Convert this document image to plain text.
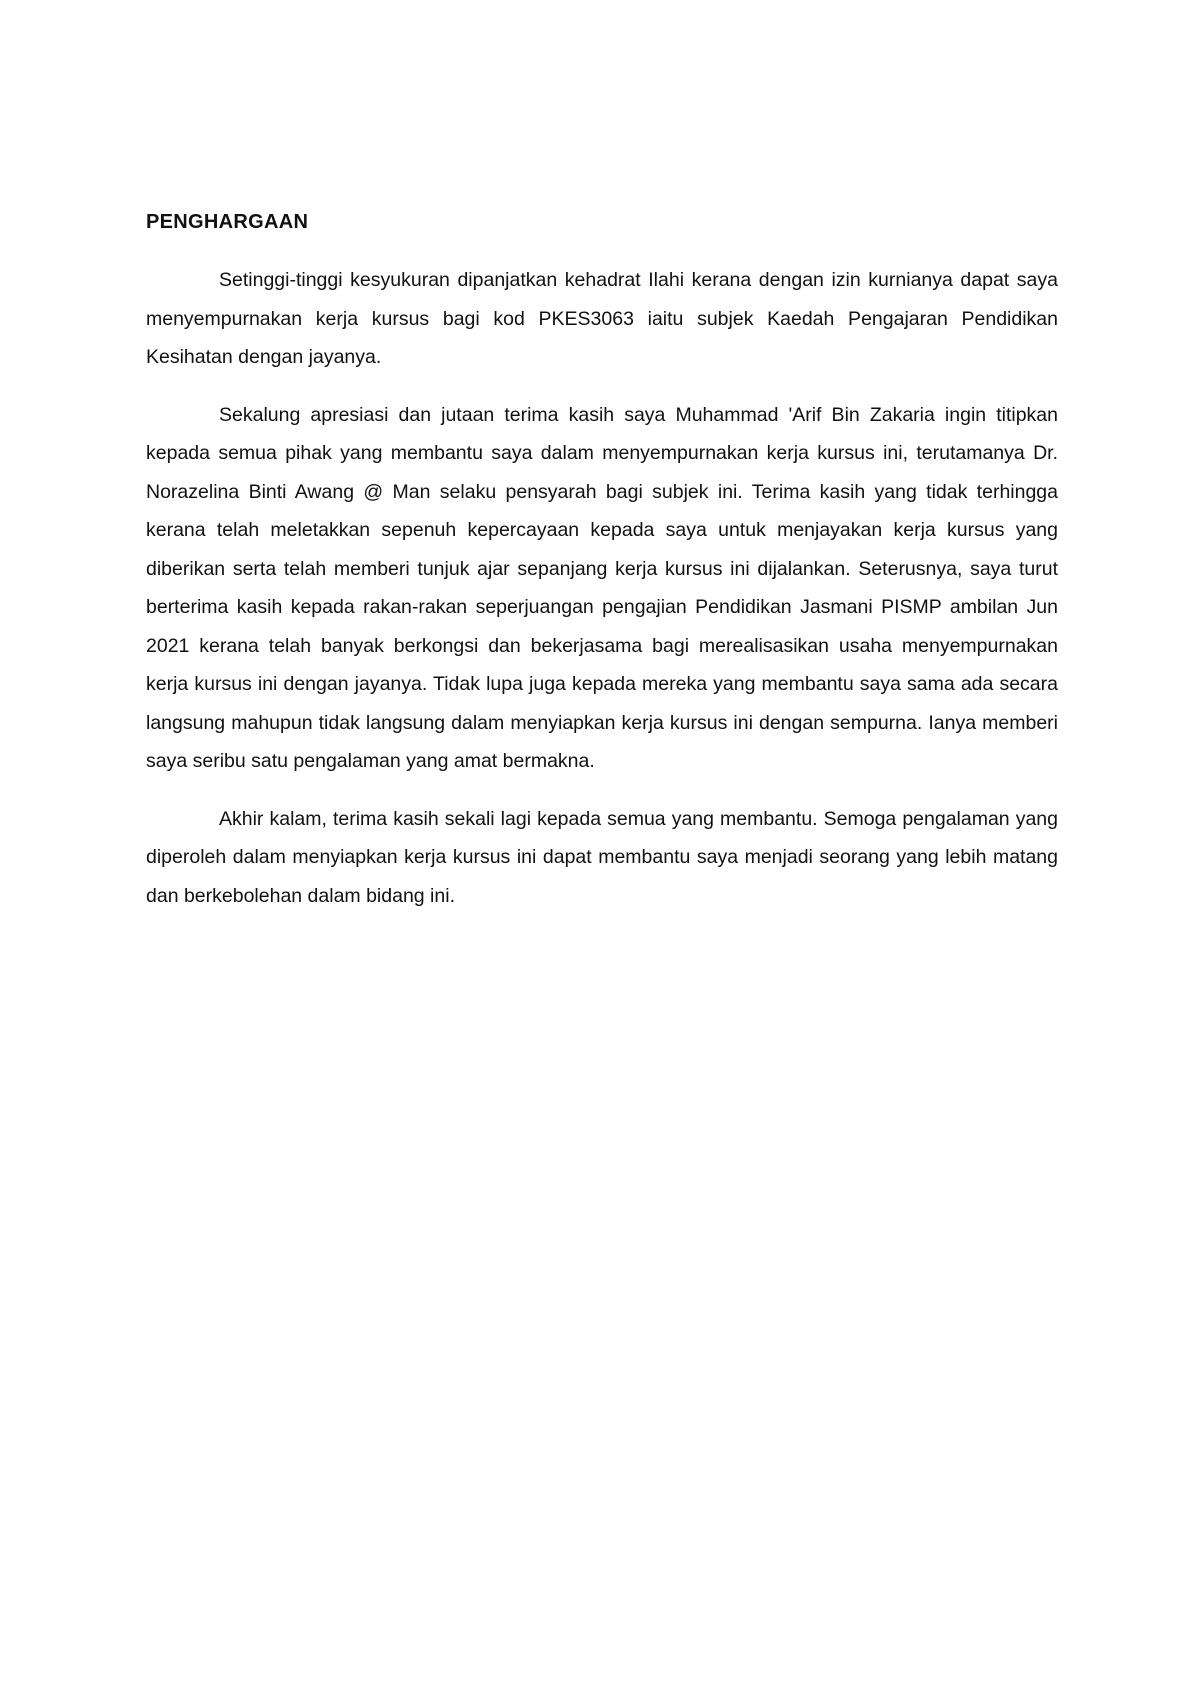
PENGHARGAAN

Setinggi-tinggi kesyukuran dipanjatkan kehadrat Ilahi kerana dengan izin kurnianya dapat saya menyempurnakan kerja kursus bagi kod PKES3063 iaitu subjek Kaedah Pengajaran Pendidikan Kesihatan dengan jayanya.

Sekalung apresiasi dan jutaan terima kasih saya Muhammad 'Arif Bin Zakaria ingin titipkan kepada semua pihak yang membantu saya dalam menyempurnakan kerja kursus ini, terutamanya Dr. Norazelina Binti Awang @ Man selaku pensyarah bagi subjek ini. Terima kasih yang tidak terhingga kerana telah meletakkan sepenuh kepercayaan kepada saya untuk menjayakan kerja kursus yang diberikan serta telah memberi tunjuk ajar sepanjang kerja kursus ini dijalankan. Seterusnya, saya turut berterima kasih kepada rakan-rakan seperjuangan pengajian Pendidikan Jasmani PISMP ambilan Jun 2021 kerana telah banyak berkongsi dan bekerjasama bagi merealisasikan usaha menyempurnakan kerja kursus ini dengan jayanya. Tidak lupa juga kepada mereka yang membantu saya sama ada secara langsung mahupun tidak langsung dalam menyiapkan kerja kursus ini dengan sempurna. Ianya memberi saya seribu satu pengalaman yang amat bermakna.

Akhir kalam, terima kasih sekali lagi kepada semua yang membantu. Semoga pengalaman yang diperoleh dalam menyiapkan kerja kursus ini dapat membantu saya menjadi seorang yang lebih matang dan berkebolehan dalam bidang ini.
